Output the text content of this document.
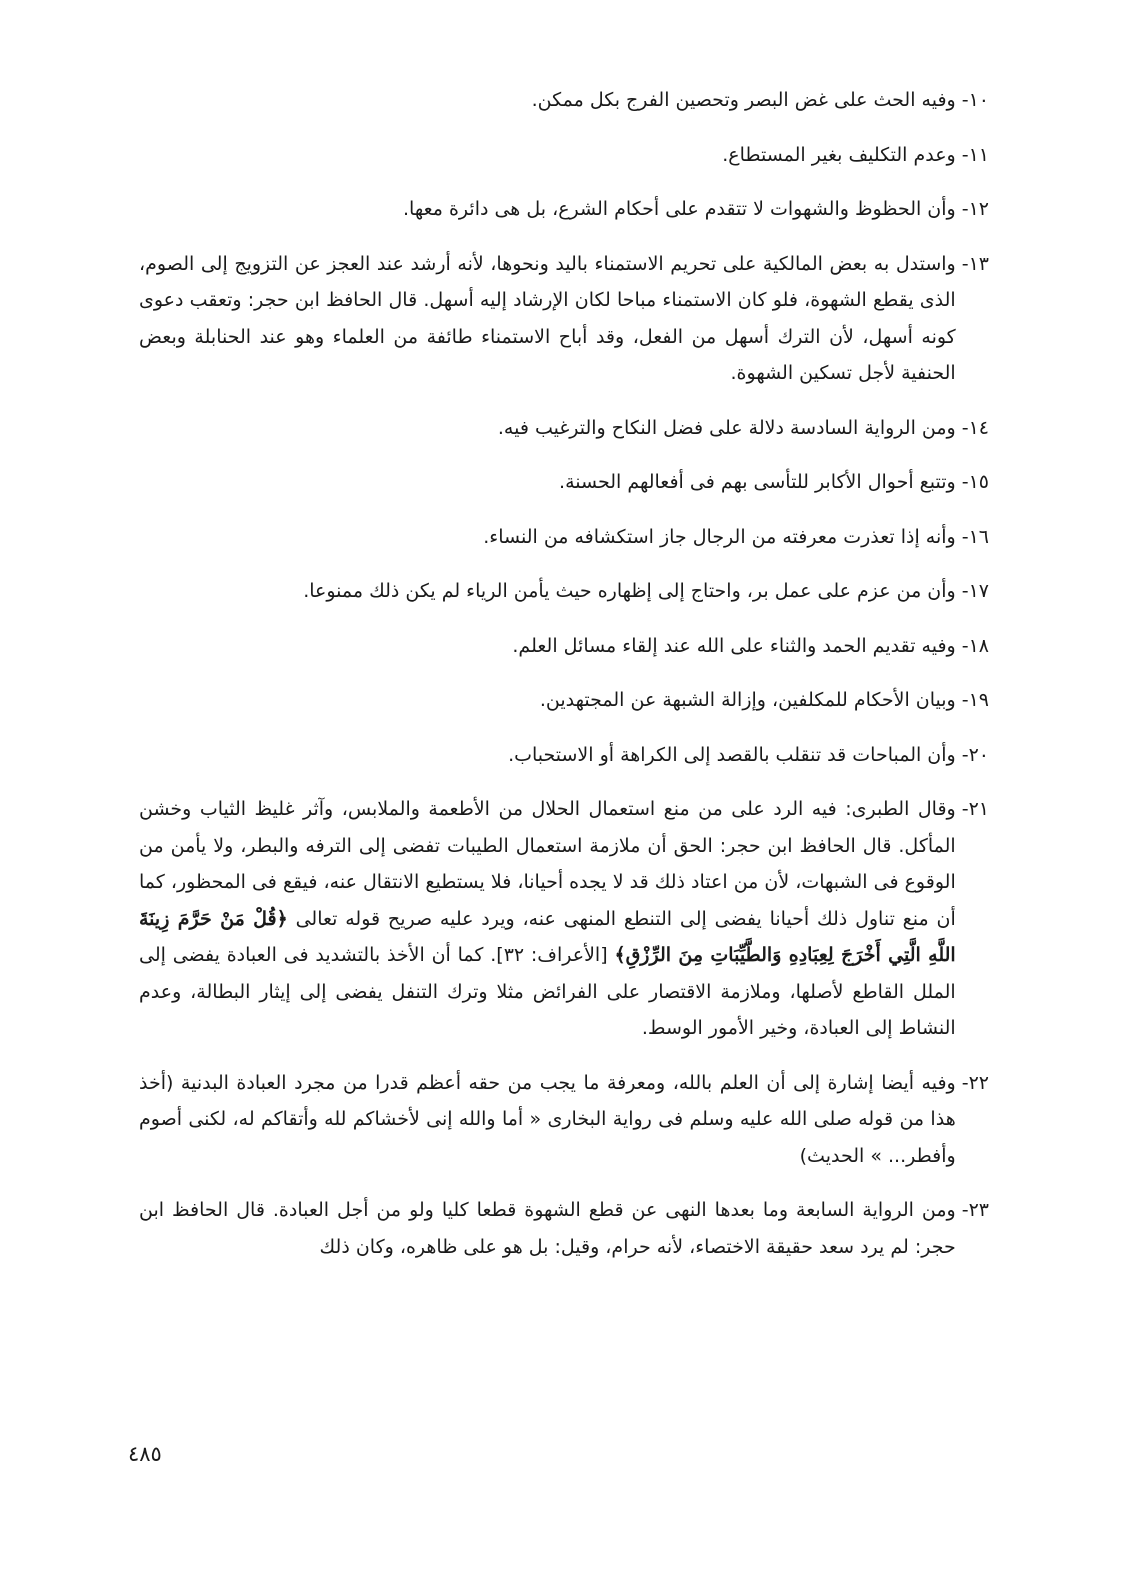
١٠-
وفيه الحث على غض البصر وتحصين الفرج بكل ممكن.
١١-
وعدم التكليف بغير المستطاع.
١٢-
وأن الحظوظ والشهوات لا تتقدم على أحكام الشرع، بل هى دائرة معها.
١٣-
واستدل به بعض المالكية على تحريم الاستمناء باليد ونحوها، لأنه أرشد عند العجز عن التزويج إلى الصوم، الذى يقطع الشهوة، فلو كان الاستمناء مباحا لكان الإرشاد إليه أسهل. قال الحافظ ابن حجر: وتعقب دعوى كونه أسهل، لأن الترك أسهل من الفعل، وقد أباح الاستمناء طائفة من العلماء وهو عند الحنابلة وبعض الحنفية لأجل تسكين الشهوة.
١٤-
ومن الرواية السادسة دلالة على فضل النكاح والترغيب فيه.
١٥-
وتتبع أحوال الأكابر للتأسى بهم فى أفعالهم الحسنة.
١٦-
وأنه إذا تعذرت معرفته من الرجال جاز استكشافه من النساء.
١٧-
وأن من عزم على عمل بر، واحتاج إلى إظهاره حيث يأمن الرياء لم يكن ذلك ممنوعا.
١٨-
وفيه تقديم الحمد والثناء على الله عند إلقاء مسائل العلم.
١٩-
وبيان الأحكام للمكلفين، وإزالة الشبهة عن المجتهدين.
٢٠-
وأن المباحات قد تنقلب بالقصد إلى الكراهة أو الاستحباب.
٢١-
وقال الطبرى: فيه الرد على من منع استعمال الحلال من الأطعمة والملابس، وآثر غليظ الثياب وخشن المأكل. قال الحافظ ابن حجر: الحق أن ملازمة استعمال الطيبات تفضى إلى الترفه والبطر، ولا يأمن من الوقوع فى الشبهات، لأن من اعتاد ذلك قد لا يجده أحيانا، فلا يستطيع الانتقال عنه، فيقع فى المحظور، كما أن منع تناول ذلك أحيانا يفضى إلى التنطع المنهى عنه، ويرد عليه صريح قوله تعالى ﴿قُلْ مَنْ حَرَّمَ زِينَةَ اللَّهِ الَّتِي أَخْرَجَ لِعِبَادِهِ وَالطَّيِّبَاتِ مِنَ الرِّزْقِ﴾ [الأعراف: ٣٢]. كما أن الأخذ بالتشديد فى العبادة يفضى إلى الملل القاطع لأصلها، وملازمة الاقتصار على الفرائض مثلا وترك التنفل يفضى إلى إيثار البطالة، وعدم النشاط إلى العبادة، وخير الأمور الوسط.
٢٢-
وفيه أيضا إشارة إلى أن العلم بالله، ومعرفة ما يجب من حقه أعظم قدرا من مجرد العبادة البدنية (أخذ هذا من قوله صلى الله عليه وسلم فى رواية البخارى « أما والله إنى لأخشاكم لله وأتقاكم له، لكنى أصوم وأفطر... » الحديث)
٢٣-
ومن الرواية السابعة وما بعدها النهى عن قطع الشهوة قطعا كليا ولو من أجل العبادة. قال الحافظ ابن حجر: لم يرد سعد حقيقة الاختصاء، لأنه حرام، وقيل: بل هو على ظاهره، وكان ذلك
٤٨٥
